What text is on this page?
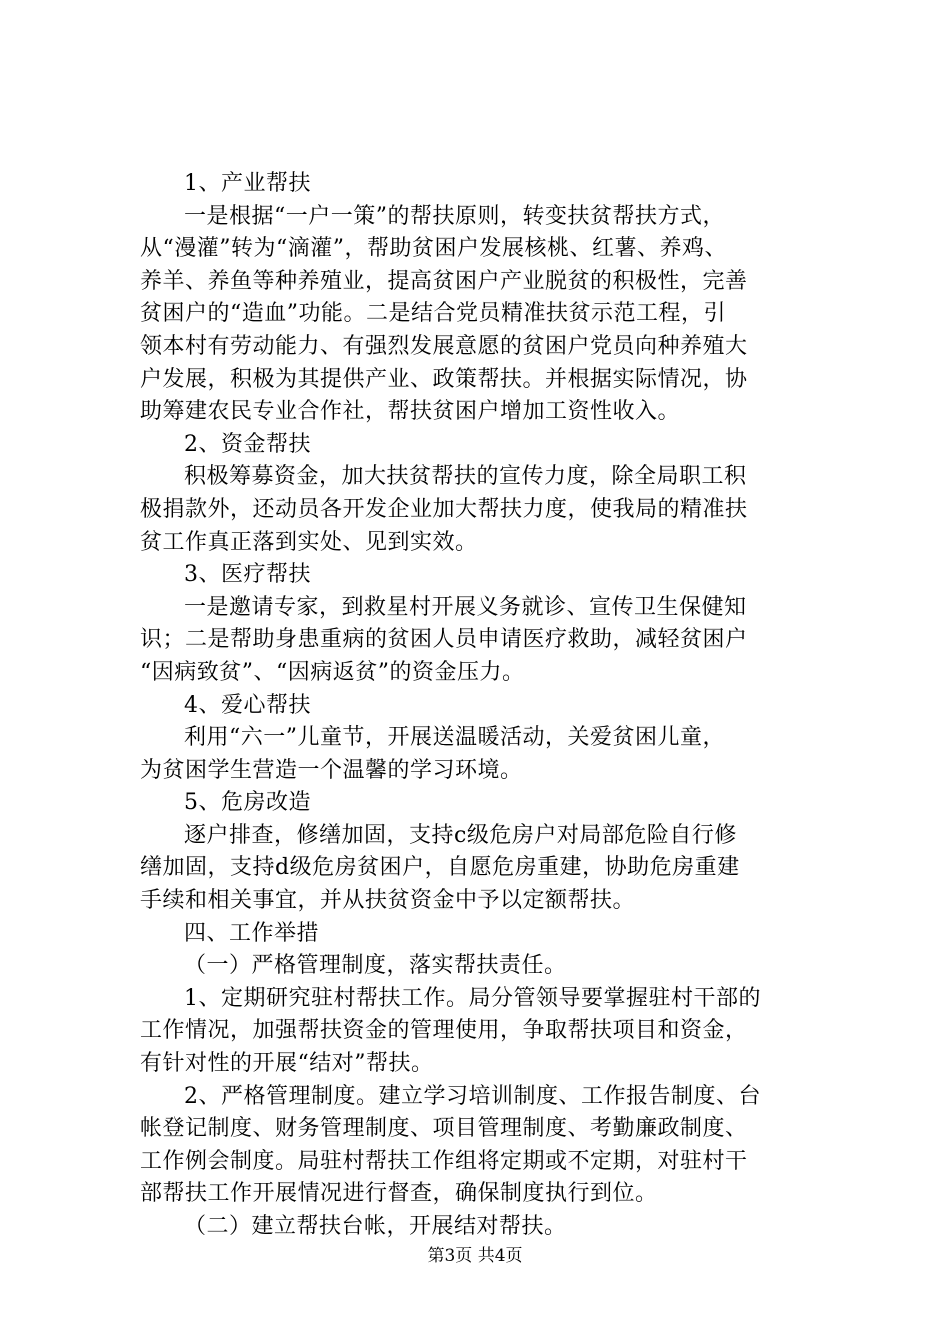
1、产业帮扶
一是根据“一户一策”的帮扶原则，转变扶贫帮扶方式，
从“漫灌”转为“滴灌”，帮助贫困户发展核桃、红薯、养鸡、
养羊、养鱼等种养殖业，提高贫困户产业脱贫的积极性，完善
贫困户的“造血”功能。二是结合党员精准扶贫示范工程，引
领本村有劳动能力、有强烈发展意愿的贫困户党员向种养殖大
户发展，积极为其提供产业、政策帮扶。并根据实际情况，协
助筹建农民专业合作社，帮扶贫困户增加工资性收入。
2、资金帮扶
积极筹募资金，加大扶贫帮扶的宣传力度，除全局职工积
极捐款外，还动员各开发企业加大帮扶力度，使我局的精准扶
贫工作真正落到实处、见到实效。
3、医疗帮扶
一是邀请专家，到救星村开展义务就诊、宣传卫生保健知
识；二是帮助身患重病的贫困人员申请医疗救助，减轻贫困户
“因病致贫”、“因病返贫”的资金压力。
4、爱心帮扶
利用“六一”儿童节，开展送温暖活动，关爱贫困儿童，
为贫困学生营造一个温馨的学习环境。
5、危房改造
逐户排查，修缮加固，支持c级危房户对局部危险自行修
缮加固，支持d级危房贫困户，自愿危房重建，协助危房重建
手续和相关事宜，并从扶贫资金中予以定额帮扶。
四、工作举措
（一）严格管理制度，落实帮扶责任。
1、定期研究驻村帮扶工作。局分管领导要掌握驻村干部的
工作情况，加强帮扶资金的管理使用，争取帮扶项目和资金，
有针对性的开展“结对”帮扶。
2、严格管理制度。建立学习培训制度、工作报告制度、台
帐登记制度、财务管理制度、项目管理制度、考勤廉政制度、
工作例会制度。局驻村帮扶工作组将定期或不定期，对驻村干
部帮扶工作开展情况进行督查，确保制度执行到位。
（二）建立帮扶台帐，开展结对帮扶。
第3页 共4页
